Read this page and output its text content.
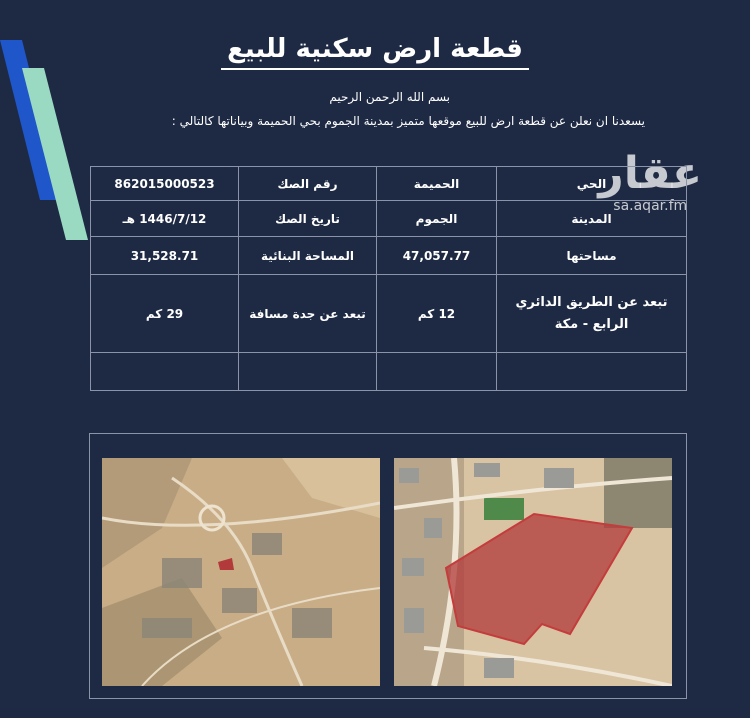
قطعة ارض سكنية للبيع
بسم الله الرحمن الرحيم
يسعدنا ان نعلن عن قطعة ارض للبيع موقعها متميز بمدينة الجموم بحي الحميمة وبياناتها كالتالي :
عقار
sa.aqar.fm
الحي	الحميمة	رقم الصك	862015000523
المدينة	الجموم	تاريخ الصك	1446/7/12 هـ
مساحتها	47,057.77	المساحة البنائية	31,528.71
تبعد عن الطريق الدائري الرابع - مكة	12 كم	تبعد عن جدة مسافة	29 كم
